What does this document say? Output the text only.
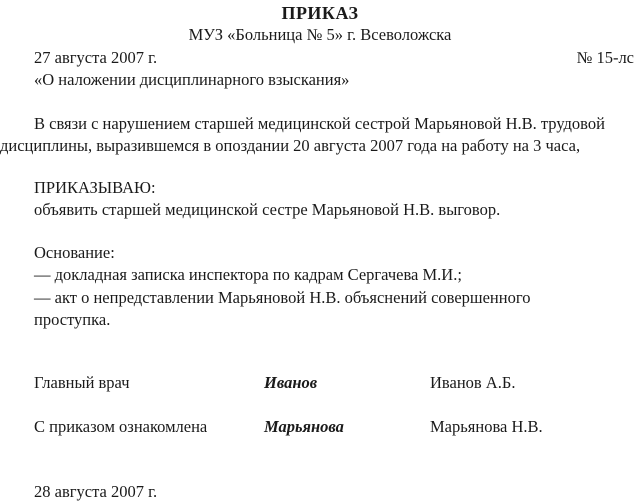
ПРИКАЗ
МУЗ «Больница № 5» г. Всеволожска
27 августа 2007 г.	№ 15-лс
«О наложении дисциплинарного взыскания»
В связи с нарушением старшей медицинской сестрой Марьяновой Н.В. трудовой дисциплины, выразившемся в опоздании 20 августа 2007 года на работу на 3 часа,
ПРИКАЗЫВАЮ:
объявить старшей медицинской сестре Марьяновой Н.В. выговор.
Основание:
— докладная записка инспектора по кадрам Сергачева М.И.;
— акт о непредставлении Марьяновой Н.В. объяснений совершенного
проступка.
Главный врач	Иванов	Иванов А.Б.
С приказом ознакомлена	Марьянова	Марьянова Н.В.
28 августа 2007 г.
